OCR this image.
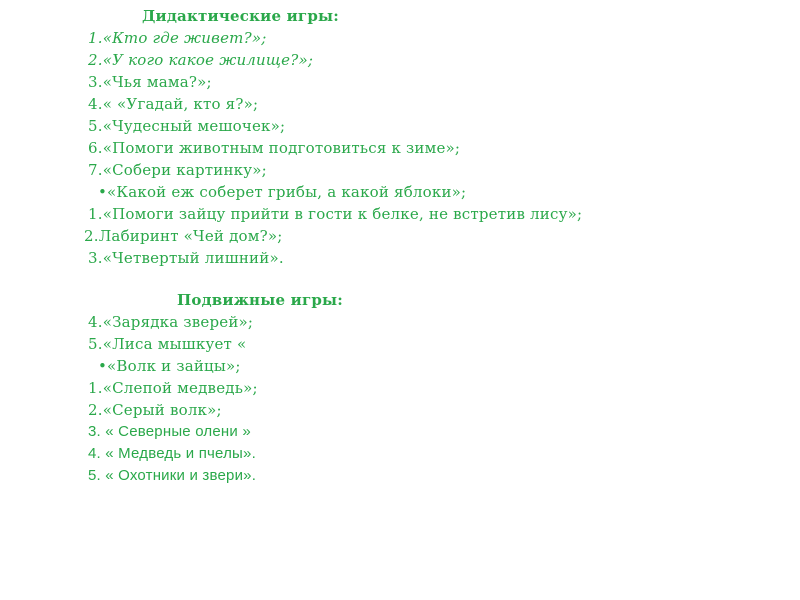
Дидактические игры:
1.«Кто где живет?»;
2.«У кого какое жилище?»;
3.«Чья мама?»;
4.« «Угадай, кто я?»;
5.«Чудесный мешочек»;
6.«Помоги животным подготовиться к зиме»;
7.«Собери картинку»;
•«Какой еж соберет грибы, а какой яблоки»;
1.«Помоги зайцу прийти в гости к белке, не встретив лису»;
2.Лабиринт «Чей дом?»;
3.«Четвертый лишний».
Подвижные игры:
4.«Зарядка зверей»;
5.«Лиса мышкует «
•«Волк и зайцы»;
1.«Слепой медведь»;
2.«Серый волк»;
3. « Северные олени »
4. « Медведь и пчелы».
5. « Охотники и звери».
